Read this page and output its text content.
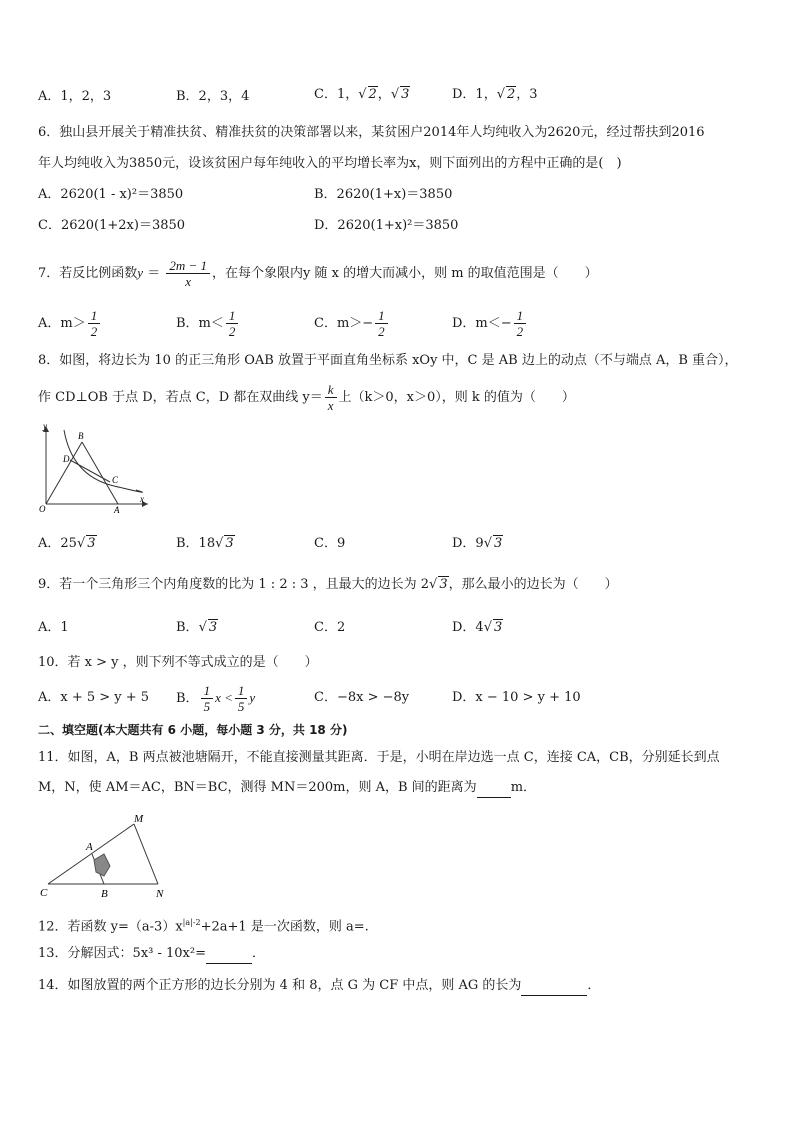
A．1，2，3	B．2，3，4	C．1，√ 2，√ 3	D．1，√ 2，3
6．独山县开展关于精准扶贫、精准扶贫的决策部署以来，某贫困户2014年人均纯收入为2620元，经过帮扶到2016
年人均纯收入为3850元，设该贫困户每年纯收入的平均增长率为x，则下面列出的方程中正确的是(　)
A．2620(1 - x)²＝3850	B．2620(1+x)＝3850
C．2620(1+2x)＝3850	D．2620(1+x)²＝3850
7．若反比例函数$y = \frac{2m - 1}{x}$ ，在每个象限内y 随 x 的增大而减小，则 m 的取值范围是（　　）
A．$m> \frac{1}{2}$	B．$m< \frac{1}{2}$	C．$m>- \frac{1}{2}$	D．$m<- \frac{1}{2}$
8．如图，将边长为 10 的正三角形 OAB 放置于平面直角坐标系 xOy 中，C 是 AB 边上的动点（不与端点 A，B 重合），
作 CD⊥OB 于点 D，若点 C，D 都在双曲线 $y= \frac{k}{x}$ 上（k＞0，x＞0），则 k 的值为（　　）
y
x
O	A
B
C
D
A．25√ 3	B．18√ 3	C．9	D．9√ 3
9．若一个三角形三个内角度数的比为 1 : 2 : 3 ，且最大的边长为 2√ 3，那么最小的边长为（　　）
A．1	B．√ 3	C．2	D．4√ 3
10．若 x > y ，则下列不等式成立的是（　　）
A．x + 5 > y + 5 B． $\frac{1}{5}$ $x < \frac{1}{5}$ y	C．−8x > −8y	D．x − 10 > y + 10
二、填空题(本大题共有 6 小题，每小题 3 分，共 18 分)
11．如图，A，B 两点被池塘隔开，不能直接测量其距离．于是，小明在岸边选一点 C，连接 CA，CB，分别延长到点
M，N，使 AM＝AC，BN＝BC，测得 MN＝200m，则 A，B 间的距离为	m．
M
A
C	B	N
12．若函数 $y=(a-3)x^{|a|-2}+2a+1$ 是一次函数，则 a=.
13．分解因式：5x³ - 10x²=	．
14．如图放置的两个正方形的边长分别为 4 和 8，点 G 为 CF 中点，则 AG 的长为	．
